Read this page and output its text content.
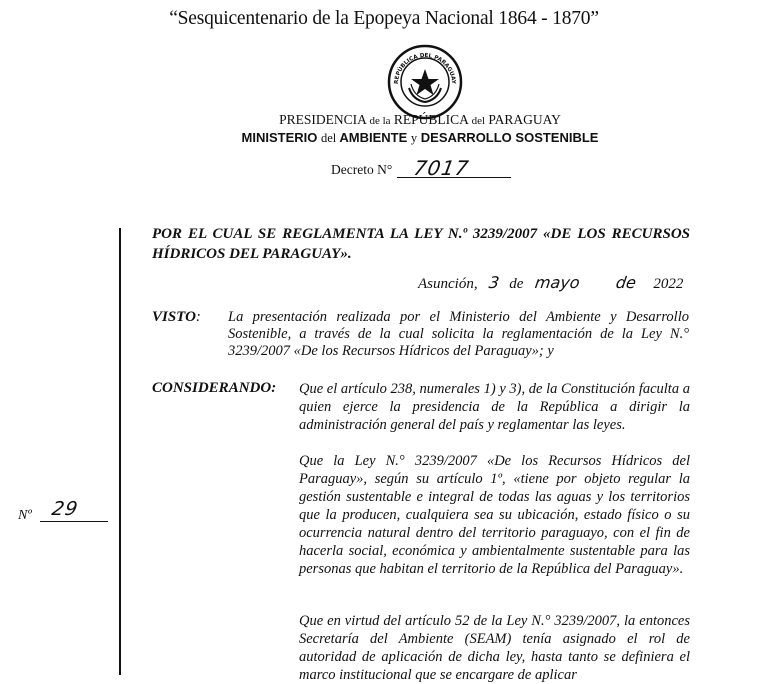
“Sesquicentenario de la Epopeya Nacional 1864 - 1870”
REPÚBLICA DEL PARAGUAY
PRESIDENCIA de la REPÚBLICA del PARAGUAY
MINISTERIO del AMBIENTE y DESARROLLO SOSTENIBLE
Decreto N° 7017
POR EL CUAL SE REGLAMENTA LA LEY N.º 3239/2007 «DE LOS RECURSOS HÍDRICOS DEL PARAGUAY».
Asunción, 3 de mayo de 2022
VISTO: La presentación realizada por el Ministerio del Ambiente y Desarrollo Sostenible, a través de la cual solicita la reglamentación de la Ley N.° 3239/2007 «De los Recursos Hídricos del Paraguay»; y
CONSIDERANDO: Que el artículo 238, numerales 1) y 3), de la Constitución faculta a quien ejerce la presidencia de la República a dirigir la administración general del país y reglamentar las leyes.
Que la Ley N.° 3239/2007 «De los Recursos Hídricos del Paraguay», según su artículo 1º, «tiene por objeto regular la gestión sustentable e integral de todas las aguas y los territorios que la producen, cualquiera sea su ubicación, estado físico o su ocurrencia natural dentro del territorio paraguayo, con el fin de hacerla social, económica y ambientalmente sustentable para las personas que habitan el territorio de la República del Paraguay».
Que en virtud del artículo 52 de la Ley N.° 3239/2007, la entonces Secretaría del Ambiente (SEAM) tenía asignado el rol de autoridad de aplicación de dicha ley, hasta tanto se definiera el marco institucional que se encargare de aplicar
Nº 29
